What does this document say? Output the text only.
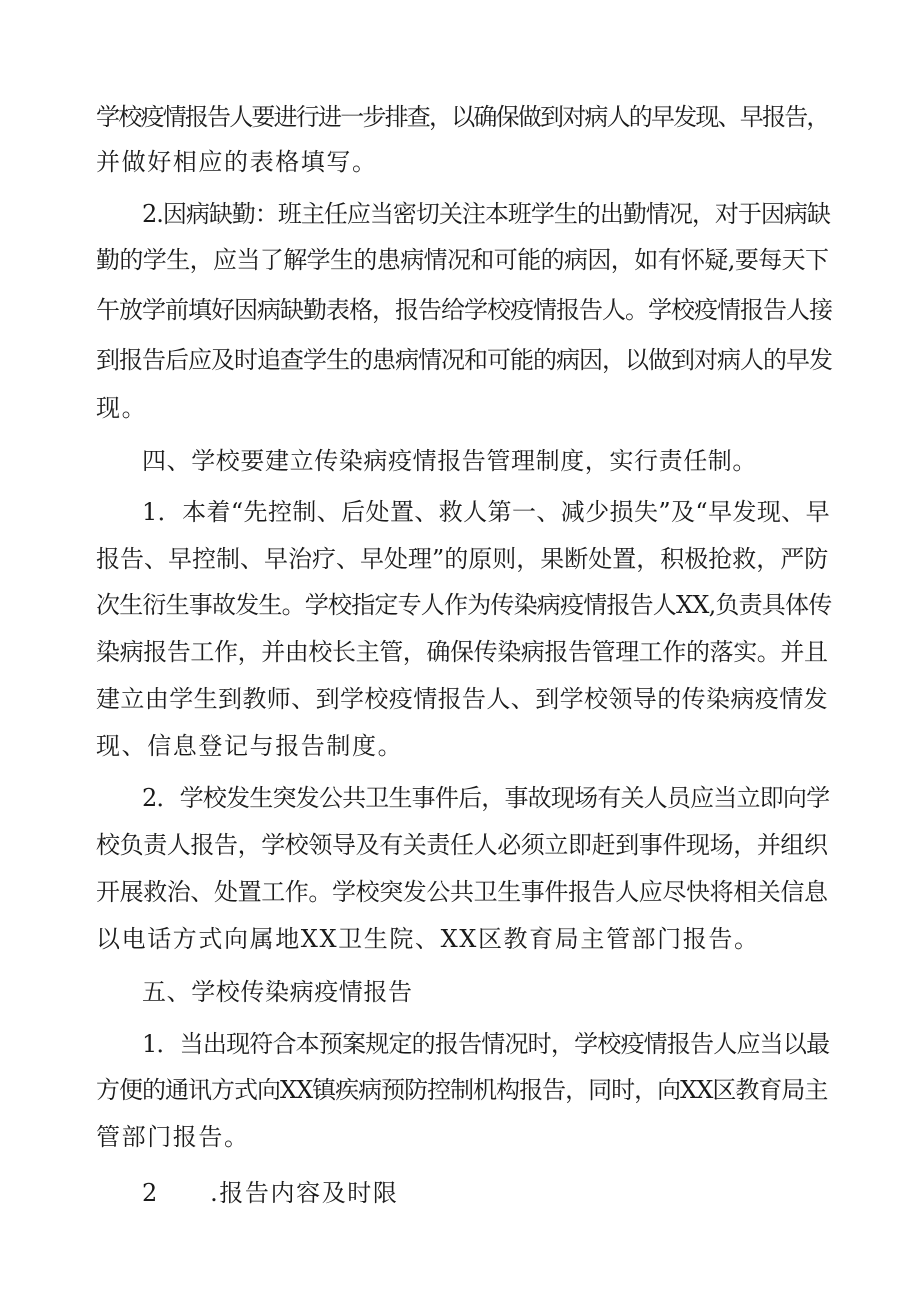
学校疫情报告人要进行进一步排查，以确保做到对病人的早发现、早报告，
并做好相应的表格填写。
2.因病缺勤：班主任应当密切关注本班学生的出勤情况，对于因病缺
勤的学生，应当了解学生的患病情况和可能的病因，如有怀疑,要每天下
午放学前填好因病缺勤表格，报告给学校疫情报告人。学校疫情报告人接
到报告后应及时追查学生的患病情况和可能的病因，以做到对病人的早发
现。
四、学校要建立传染病疫情报告管理制度，实行责任制。
1．本着“先控制、后处置、救人第一、减少损失”及“早发现、早
报告、早控制、早治疗、早处理”的原则，果断处置，积极抢救，严防
次生衍生事故发生。学校指定专人作为传染病疫情报告人XX,负责具体传
染病报告工作，并由校长主管，确保传染病报告管理工作的落实。并且
建立由学生到教师、到学校疫情报告人、到学校领导的传染病疫情发
现、信息登记与报告制度。
2．学校发生突发公共卫生事件后，事故现场有关人员应当立即向学
校负责人报告，学校领导及有关责任人必须立即赶到事件现场，并组织
开展救治、处置工作。学校突发公共卫生事件报告人应尽快将相关信息
以电话方式向属地XX卫生院、XX区教育局主管部门报告。
五、学校传染病疫情报告
1．当出现符合本预案规定的报告情况时，学校疫情报告人应当以最
方便的通讯方式向XX镇疾病预防控制机构报告，同时，向XX区教育局主
管部门报告。
2　　.报告内容及时限
